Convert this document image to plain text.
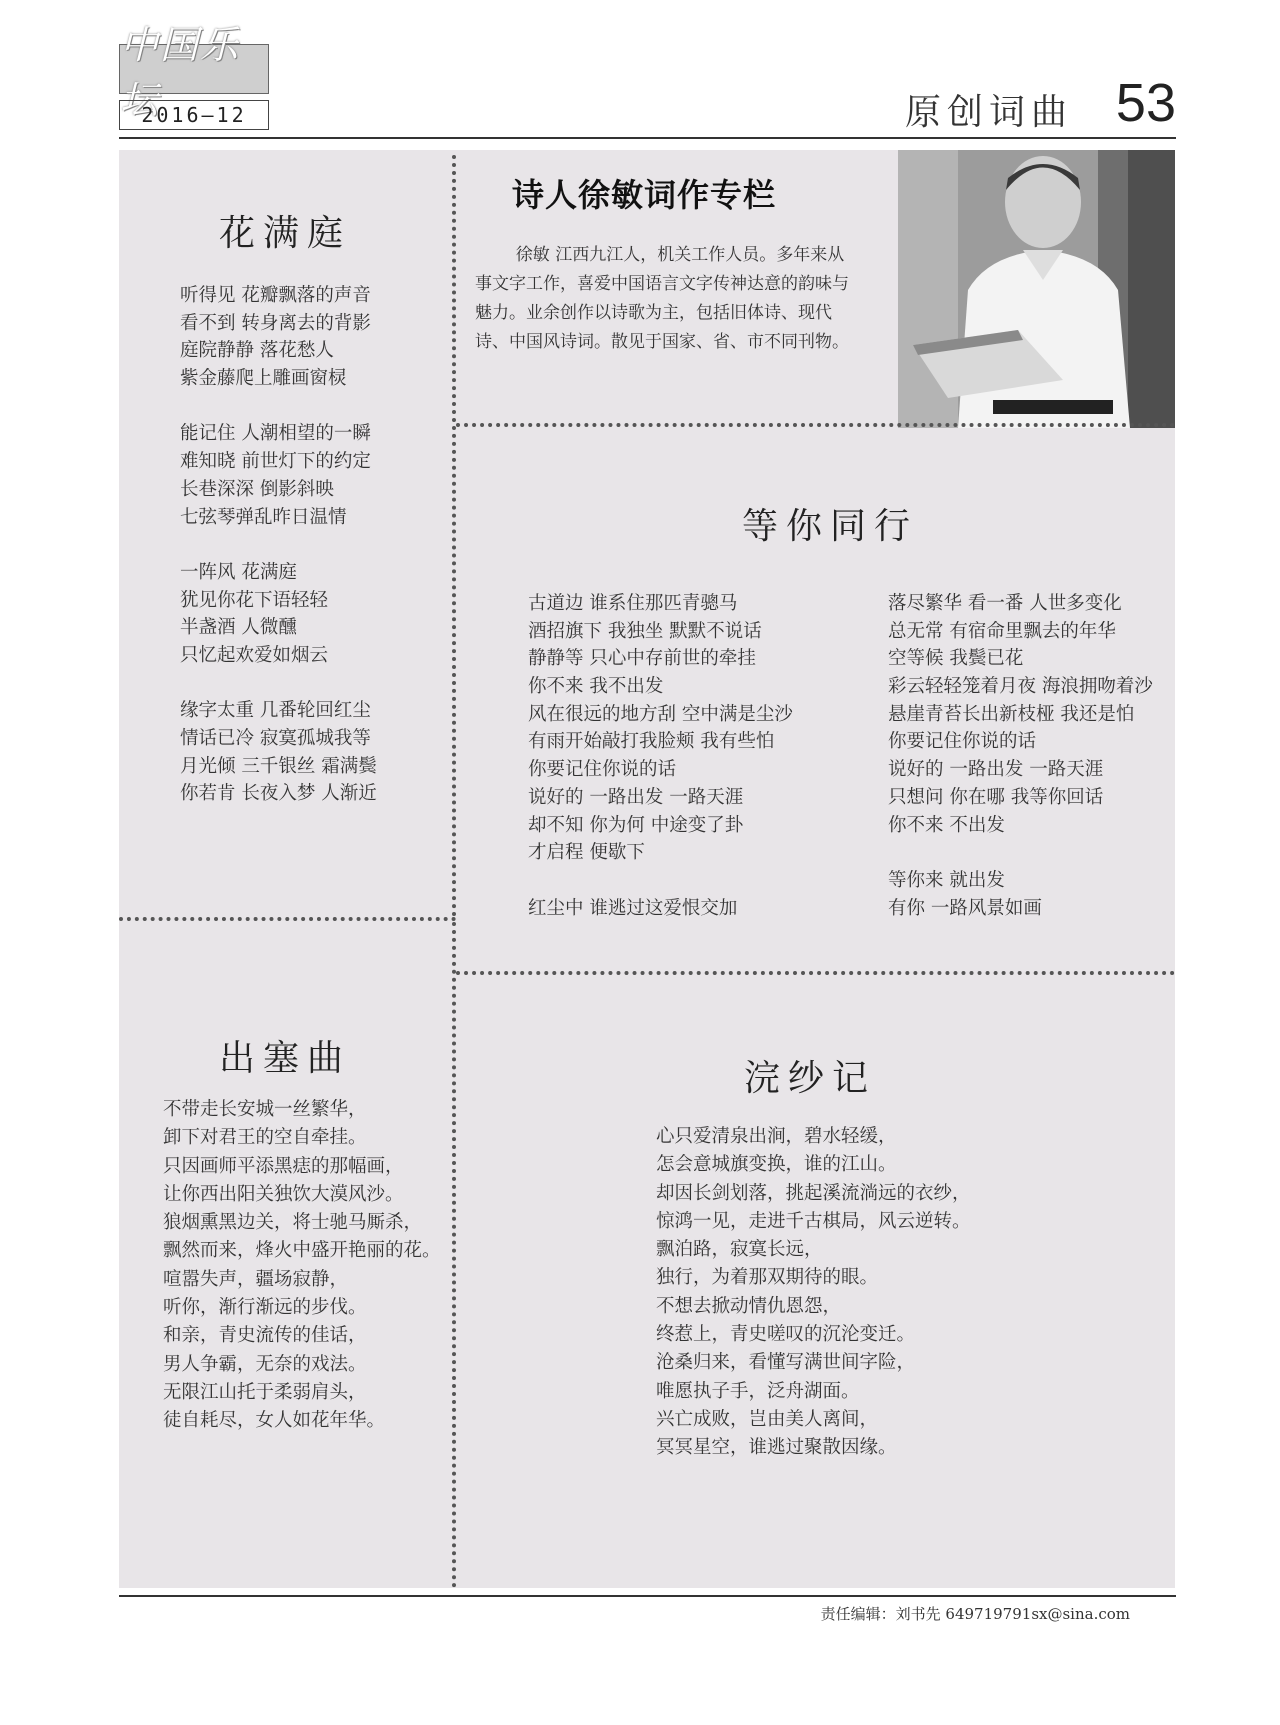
中国乐坛
2016—12	原创词曲 53
诗人徐敏词作专栏
徐敏 江西九江人，机关工作人员。多年来从事文字工作，喜爱中国语言文字传神达意的韵味与魅力。业余创作以诗歌为主，包括旧体诗、现代诗、中国风诗词。散见于国家、省、市不同刊物。
花满庭
听得见 花瓣飘落的声音
看不到 转身离去的背影
庭院静静 落花愁人
紫金藤爬上雕画窗棂
能记住 人潮相望的一瞬
难知晓 前世灯下的约定
长巷深深 倒影斜映
七弦琴弹乱昨日温情
一阵风 花满庭
犹见你花下语轻轻
半盏酒 人微醺
只忆起欢爱如烟云
缘字太重 几番轮回红尘
情话已冷 寂寞孤城我等
月光倾 三千银丝 霜满鬓
你若肯 长夜入梦 人渐近
等你同行
古道边 谁系住那匹青骢马
酒招旗下 我独坐 默默不说话
静静等 只心中存前世的牵挂
你不来 我不出发
风在很远的地方刮 空中满是尘沙
有雨开始敲打我脸颊 我有些怕
你要记住你说的话
说好的 一路出发 一路天涯
却不知 你为何 中途变了卦
才启程 便歇下
红尘中 谁逃过这爱恨交加
落尽繁华 看一番 人世多变化
总无常 有宿命里飘去的年华
空等候 我鬓已花
彩云轻轻笼着月夜 海浪拥吻着沙
悬崖青苔长出新枝桠 我还是怕
你要记住你说的话
说好的 一路出发 一路天涯
只想问 你在哪 我等你回话
你不来 不出发
等你来 就出发
有你 一路风景如画
出塞曲
不带走长安城一丝繁华，
卸下对君王的空自牵挂。
只因画师平添黑痣的那幅画，
让你西出阳关独饮大漠风沙。
狼烟熏黑边关，将士驰马厮杀，
飘然而来，烽火中盛开艳丽的花。
喧嚣失声，疆场寂静，
听你，渐行渐远的步伐。
和亲，青史流传的佳话，
男人争霸，无奈的戏法。
无限江山托于柔弱肩头，
徒自耗尽，女人如花年华。
浣纱记
心只爱清泉出涧，碧水轻缓，
怎会意城旗变换，谁的江山。
却因长剑划落，挑起溪流淌远的衣纱，
惊鸿一见，走进千古棋局，风云逆转。
飘泊路，寂寞长远，
独行，为着那双期待的眼。
不想去掀动情仇恩怨，
终惹上，青史嗟叹的沉沦变迁。
沧桑归来，看懂写满世间字险，
唯愿执子手，泛舟湖面。
兴亡成败，岂由美人离间，
冥冥星空，谁逃过聚散因缘。
责任编辑：刘书先 649719791sx@sina.com
